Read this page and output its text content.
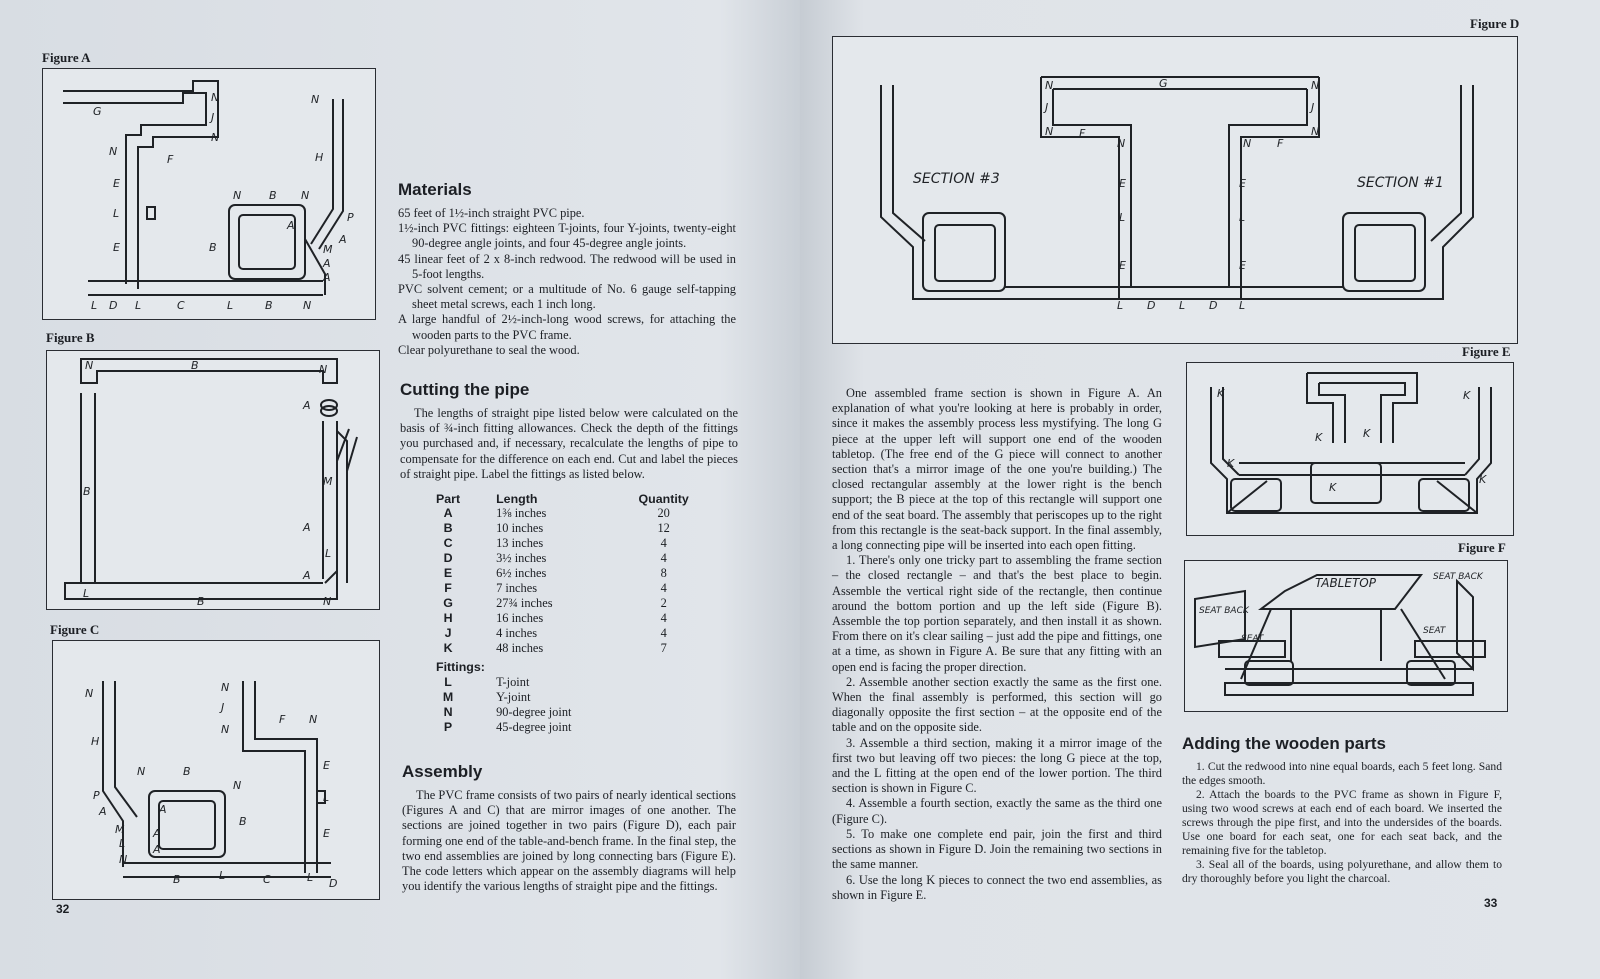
Figure A
G
N
J
N
N
F
E
L
E
N	B N
N
H
P
A
A
B	M
A
A
L D L	C	L	B	N
Figure B
N	B	N
A
B
M
A
L
A
L
B	N
Figure C
N
H
P
A
M
L
N
N	B
A
A
A
N
J
N
F N
E
L
E
N
B
B	L	C	L D
32
Materials

65 feet of 1½-inch straight PVC pipe.

1½-inch PVC fittings: eighteen T-joints, four Y-joints, twenty-eight 90-degree angle joints, and four 45-degree angle joints.

45 linear feet of 2 x 8-inch redwood. The redwood will be used in 5-foot lengths.

PVC solvent cement; or a multitude of No. 6 gauge self-tapping sheet metal screws, each 1 inch long.

A large handful of 2½-inch-long wood screws, for attaching the wooden parts to the PVC frame.

Clear polyurethane to seal the wood.

Cutting the pipe
The lengths of straight pipe listed below were calculated on the basis of ¾-inch fitting allowances. Check the depth of the fittings you purchased and, if necessary, recalculate the lengths of pipe to compensate for the difference on each end. Cut and label the pieces of straight pipe. Label the fittings as listed below.
Part	Length	Quantity
A	1⅜ inches	20
B	10 inches	12
C	13 inches	4
D	3½ inches	4
E	6½ inches	8
F	7 inches	4
G	27¾ inches	2
H	16 inches	4
J	4 inches	4
K	48 inches	7
Fittings:		
L	T-joint	
M	Y-joint	
N	90-degree joint	
P	45-degree joint	
Assembly
The PVC frame consists of two pairs of nearly identical sections (Figures A and C) that are mirror images of one another. The sections are joined together in two pairs (Figure D), each pair forming one end of the table-and-bench frame. In the final step, the two end assemblies are joined by long connecting bars (Figure E). The code letters which appear on the assembly diagrams will help you identify the various lengths of straight pipe and the fittings.
Figure D
G
N
J
N F
N
N
J
N
F
N
E
L
E
E
L
E
L D L D L
SECTION #3	SECTION #1
Figure E
K
K
K	K
K
K
K
Figure F
TABLETOP
SEAT BACK
SEAT BACK
SEAT
SEAT

One assembled frame section is shown in Figure A. An explanation of what you're looking at here is probably in order, since it makes the assembly process less mystifying. The long G piece at the upper left will support one end of the wooden tabletop. (The free end of the G piece will connect to another section that's a mirror image of the one you're building.) The closed rectangular assembly at the lower right is the bench support; the B piece at the top of this rectangle will support one end of the seat board. The assembly that periscopes up to the right from this rectangle is the seat-back support. In the final assembly, a long connecting pipe will be inserted into each open fitting.

1. There's only one tricky part to assembling the frame section – the closed rectangle – and that's the best place to begin. Assemble the vertical right side of the rectangle, then continue around the bottom portion and up the left side (Figure B). Assemble the top portion separately, and then install it as shown. From there on it's clear sailing – just add the pipe and fittings, one at a time, as shown in Figure A. Be sure that any fitting with an open end is facing the proper direction.

2. Assemble another section exactly the same as the first one. When the final assembly is performed, this section will go diagonally opposite the first section – at the opposite end of the table and on the opposite side.

3. Assemble a third section, making it a mirror image of the first two but leaving off two pieces: the long G piece at the top, and the L fitting at the open end of the lower portion. The third section is shown in Figure C.

4. Assemble a fourth section, exactly the same as the third one (Figure C).

5. To make one complete end pair, join the first and third sections as shown in Figure D. Join the remaining two sections in the same manner.

6. Use the long K pieces to connect the two end assemblies, as shown in Figure E.

Adding the wooden parts

1. Cut the redwood into nine equal boards, each 5 feet long. Sand the edges smooth.

2. Attach the boards to the PVC frame as shown in Figure F, using two wood screws at each end of each board. We inserted the screws through the pipe first, and into the undersides of the boards. Use one board for each seat, one for each seat back, and the remaining five for the tabletop.

3. Seal all of the boards, using polyurethane, and allow them to dry thoroughly before you light the charcoal.

33
